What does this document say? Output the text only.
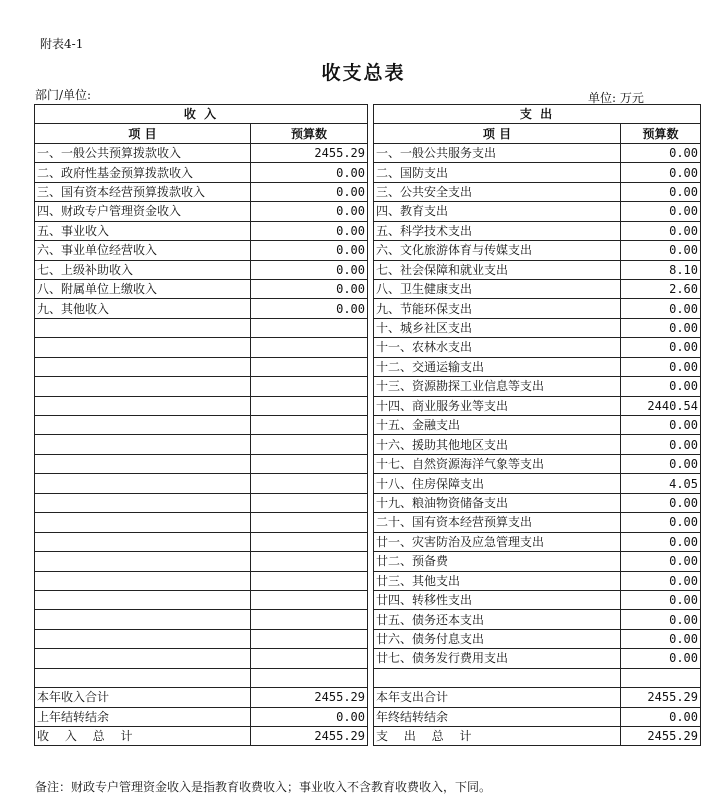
附表4-1
收支总表
部门/单位:	单位: 万元
收 入			支 出	
项 目	预算数		项 目	预算数
一、一般公共预算拨款收入	2455.29		一、一般公共服务支出	0.00
二、政府性基金预算拨款收入	0.00		二、国防支出	0.00
三、国有资本经营预算拨款收入	0.00		三、公共安全支出	0.00
四、财政专户管理资金收入	0.00		四、教育支出	0.00
五、事业收入	0.00		五、科学技术支出	0.00
六、事业单位经营收入	0.00		六、文化旅游体育与传媒支出	0.00
七、上级补助收入	0.00		七、社会保障和就业支出	8.10
八、附属单位上缴收入	0.00		八、卫生健康支出	2.60
九、其他收入	0.00		九、节能环保支出	0.00
			十、城乡社区支出	0.00
			十一、农林水支出	0.00
			十二、交通运输支出	0.00
			十三、资源勘探工业信息等支出	0.00
			十四、商业服务业等支出	2440.54
			十五、金融支出	0.00
			十六、援助其他地区支出	0.00
			十七、自然资源海洋气象等支出	0.00
			十八、住房保障支出	4.05
			十九、粮油物资储备支出	0.00
			二十、国有资本经营预算支出	0.00
			廿一、灾害防治及应急管理支出	0.00
			廿二、预备费	0.00
			廿三、其他支出	0.00
			廿四、转移性支出	0.00
			廿五、债务还本支出	0.00
			廿六、债务付息支出	0.00
			廿七、债务发行费用支出	0.00

本年收入合计	2455.29		本年支出合计	2455.29
上年结转结余	0.00		年终结转结余	0.00
收 入 总 计	2455.29		支 出 总 计	2455.29
备注：财政专户管理资金收入是指教育收费收入；事业收入不含教育收费收入，下同。
